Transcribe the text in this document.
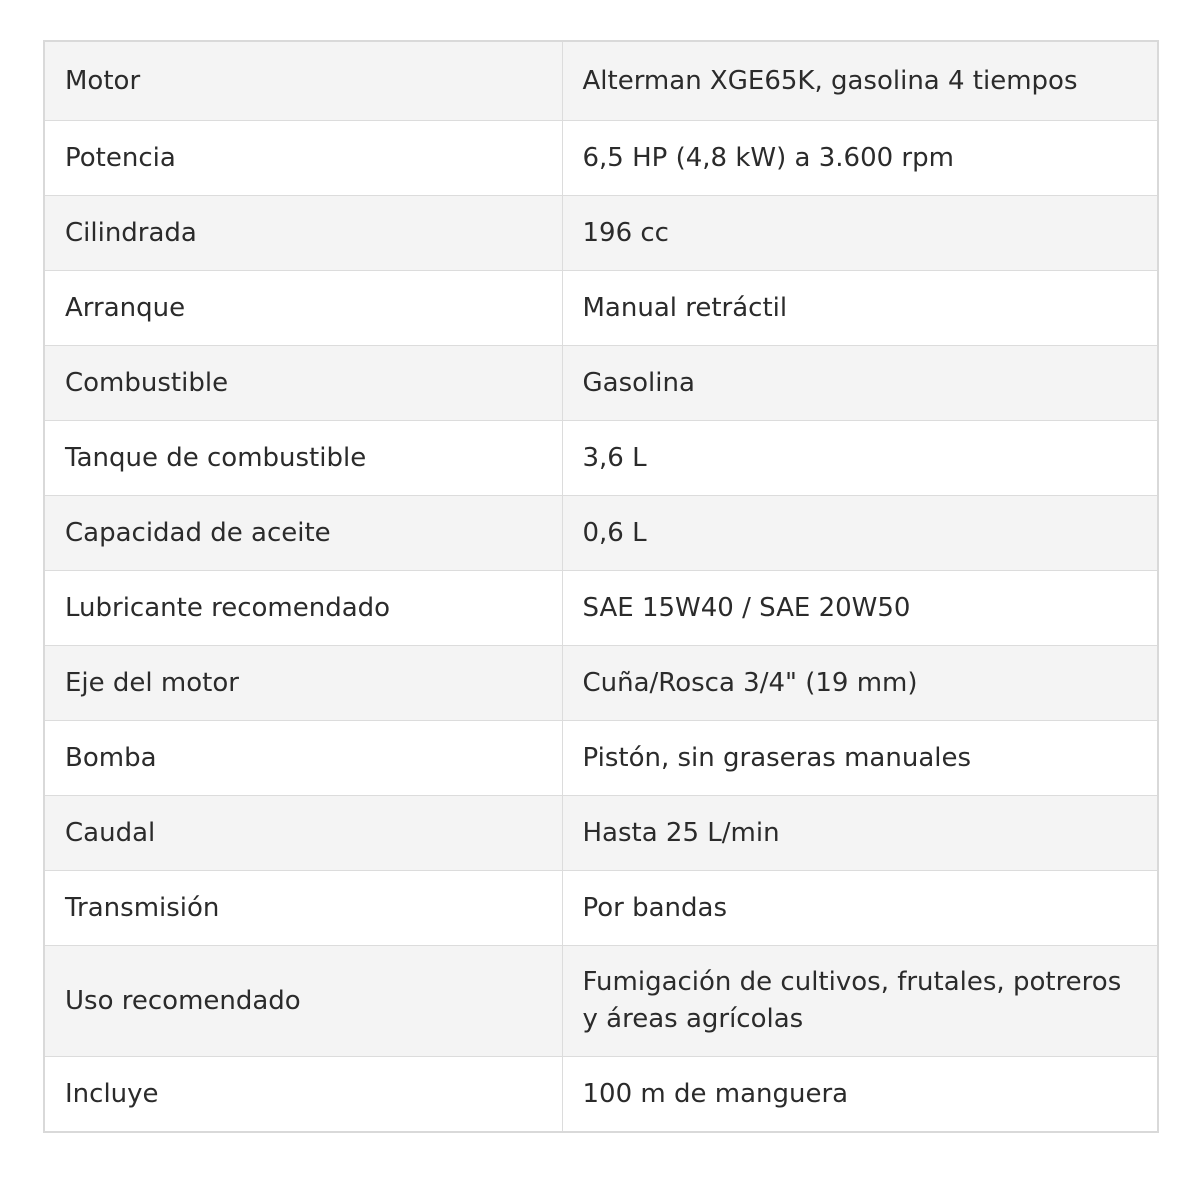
Motor	Alterman XGE65K, gasolina 4 tiempos
Potencia	6,5 HP (4,8 kW) a 3.600 rpm
Cilindrada	196 cc
Arranque	Manual retráctil
Combustible	Gasolina
Tanque de combustible	3,6 L
Capacidad de aceite	0,6 L
Lubricante recomendado	SAE 15W40 / SAE 20W50
Eje del motor	Cuña/Rosca 3/4" (19 mm)
Bomba	Pistón, sin graseras manuales
Caudal	Hasta 25 L/min
Transmisión	Por bandas
Uso recomendado	Fumigación de cultivos, frutales, potreros
y áreas agrícolas
Incluye	100 m de manguera
